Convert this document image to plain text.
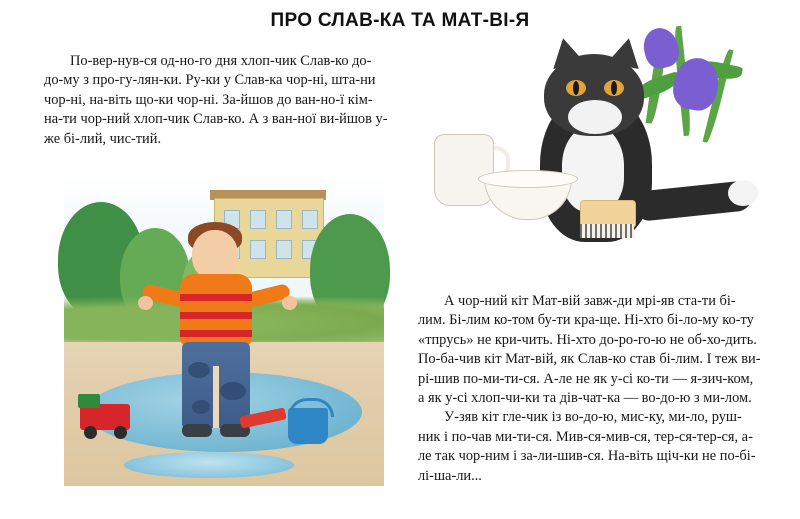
ПРО СЛАВ-КА ТА МАТ-ВІ-Я

По-вер-нув-ся од-но-го дня хлоп-чик Слав-ко до-до-му з про-гу-лян-ки. Ру-ки у Слав-ка чор-ні, шта-ни чор-ні, на-віть що-ки чор-ні. За-йшов до ван-но-ї кім-на-ти чор-ний хлоп-чик Слав-ко. А з ван-ної ви-йшов у-же бі-лий, чис-тий.

А чор-ний кіт Мат-вій завж-ди мрі-яв ста-ти бі-лим. Бі-лим ко-том бу-ти кра-ще. Ні-хто бі-ло-му ко-ту «тпрусь» не кри-чить. Ні-хто до-ро-го-ю не об-хо-дить. По-ба-чив кіт Мат-вій, як Слав-ко став бі-лим. І теж ви-рі-шив по-ми-ти-ся. А-ле не як у-сі ко-ти — я-зич-ком, а як у-сі хлоп-чи-ки та дів-чат-ка — во-до-ю з ми-лом.

У-зяв кіт гле-чик із во-до-ю, мис-ку, ми-ло, руш-ник і по-чав ми-ти-ся. Мив-ся-мив-ся, тер-ся-тер-ся, а-ле так чор-ним і за-ли-шив-ся. На-віть щіч-ки не по-бі-лі-ша-ли...
